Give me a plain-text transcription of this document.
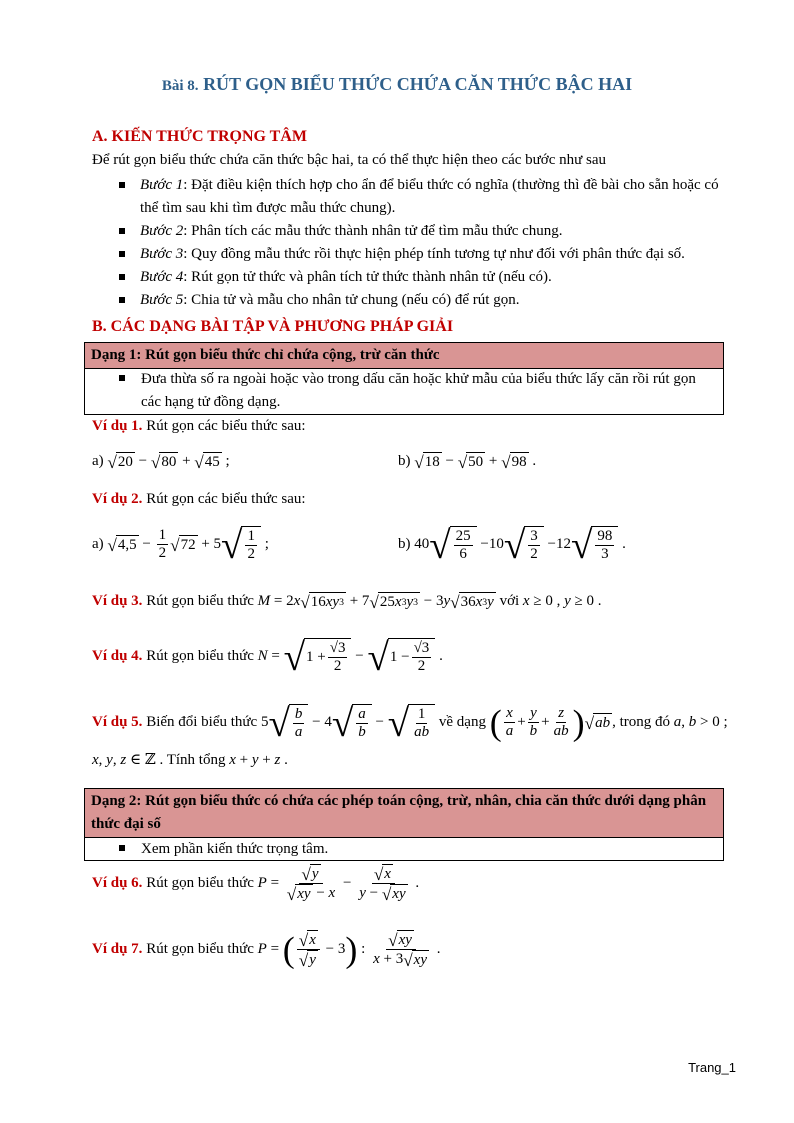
Bài 8. RÚT GỌN BIỂU THỨC CHỨA CĂN THỨC BẬC HAI
A. KIẾN THỨC TRỌNG TÂM
Để rút gọn biểu thức chứa căn thức bậc hai, ta có thể thực hiện theo các bước như sau
Bước 1: Đặt điều kiện thích hợp cho ẩn để biểu thức có nghĩa (thường thì đề bài cho sẵn hoặc có thể tìm sau khi tìm được mẫu thức chung).
Bước 2: Phân tích các mẫu thức thành nhân tử để tìm mẫu thức chung.
Bước 3: Quy đồng mẫu thức rồi thực hiện phép tính tương tự như đối với phân thức đại số.
Bước 4: Rút gọn tử thức và phân tích tử thức thành nhân tử (nếu có).
Bước 5: Chia tử và mẫu cho nhân tử chung (nếu có) để rút gọn.
B. CÁC DẠNG BÀI TẬP VÀ PHƯƠNG PHÁP GIẢI
Dạng 1: Rút gọn biểu thức chỉ chứa cộng, trừ căn thức
Đưa thừa số ra ngoài hoặc vào trong dấu căn hoặc khử mẫu của biểu thức lấy căn rồi rút gọn các hạng tử đồng dạng.
Ví dụ 1. Rút gọn các biểu thức sau:
a) √ 20 − √ 80 + √ 45 ;	b) √ 18 − √ 50 + √ 98 .
Ví dụ 2. Rút gọn các biểu thức sau:
a) √ $4,5 - \frac{1}{2}$ √ 72 + 5 √ $\frac{1}{2}$ ;	b) 40 √ $\frac{25}{6} -10$ √ $\frac{3}{2} -12$ √ $\frac{98}{3}$ .
Ví dụ 3. Rút gọn biểu thức M = 2x √ 16 xy 3 + 7 √ 25 x 3 y 3 − 3y √ 36 x 3 y với x ≥ 0 , y ≥ 0 .
Ví dụ 4. Rút gọn biểu thức N = √ $1 + \frac{√3}{2}$ − √ $1 - \frac{√3}{2}$ .
Ví dụ 5. Biến đổi biểu thức 5 √ $\frac{b}{a} - 4$ √ $\frac{a}{b}$ − √ $\frac{1}{ab}$ về dạng ( $\frac{x}{a} + \frac{y}{b} + \frac{z}{ab}$ ) √ ab , trong đó a, b > 0 ;
x, y, z ∈ ℤ . Tính tổng x + y + z .
Dạng 2: Rút gọn biểu thức có chứa các phép toán cộng, trừ, nhân, chia căn thức dưới dạng phân thức đại số
Xem phần kiến thức trọng tâm.
Ví dụ 6. Rút gọn biểu thức $P = \frac{√ y}{√ xy - x} - \frac{√ x}{y - √ xy}$ .
Ví dụ 7. Rút gọn biểu thức P = ( $\frac{√ x}{√ y} - 3$) : $\frac{√ xy}{x + 3 √ xy}$ .
Trang_1
